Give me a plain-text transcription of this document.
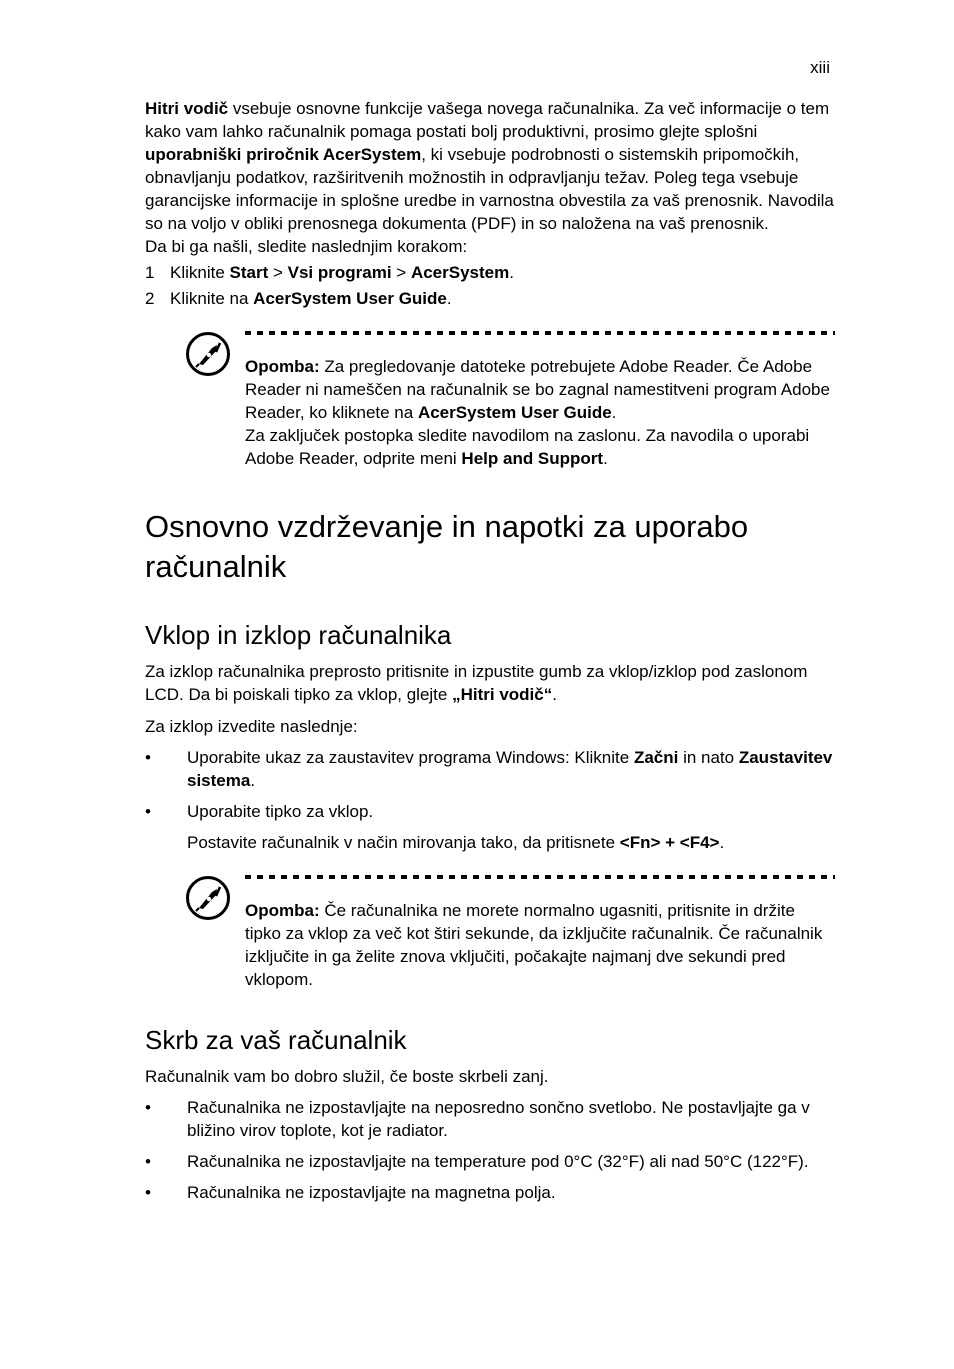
xiii

Hitri vodič vsebuje osnovne funkcije vašega novega računalnika. Za več informacije o tem kako vam lahko računalnik pomaga postati bolj produktivni, prosimo glejte splošni uporabniški priročnik AcerSystem, ki vsebuje podrobnosti o sistemskih pripomočkih, obnavljanju podatkov, razširitvenih možnostih in odpravljanju težav. Poleg tega vsebuje garancijske informacije in splošne uredbe in varnostna obvestila za vaš prenosnik. Navodila so na voljo v obliki prenosnega dokumenta (PDF) in so naložena na vaš prenosnik.

Da bi ga našli, sledite naslednjim korakom:

1 Kliknite Start > Vsi programi > AcerSystem.
2 Kliknite na AcerSystem User Guide.

Opomba: Za pregledovanje datoteke potrebujete Adobe Reader. Če Adobe Reader ni nameščen na računalnik se bo zagnal namestitveni program Adobe Reader, ko kliknete na AcerSystem User Guide.

Za zaključek postopka sledite navodilom na zaslonu. Za navodila o uporabi Adobe Reader, odprite meni Help and Support.

Osnovno vzdrževanje in napotki za uporabo računalnik
Vklop in izklop računalnika

Za izklop računalnika preprosto pritisnite in izpustite gumb za vklop/izklop pod zaslonom LCD. Da bi poiskali tipko za vklop, glejte „Hitri vodič“.

Za izklop izvedite naslednje:

• Uporabite ukaz za zaustavitev programa Windows: Kliknite Začni in nato Zaustavitev sistema.
• Uporabite tipko za vklop.

Postavite računalnik v način mirovanja tako, da pritisnete <Fn> + <F4>.

Opomba: Če računalnika ne morete normalno ugasniti, pritisnite in držite tipko za vklop za več kot štiri sekunde, da izključite računalnik. Če računalnik izključite in ga želite znova vključiti, počakajte najmanj dve sekundi pred vklopom.

Skrb za vaš računalnik

Računalnik vam bo dobro služil, če boste skrbeli zanj.

• Računalnika ne izpostavljajte na neposredno sončno svetlobo. Ne postavljajte ga v bližino virov toplote, kot je radiator.
• Računalnika ne izpostavljajte na temperature pod 0°C (32°F) ali nad 50°C (122°F).
• Računalnika ne izpostavljajte na magnetna polja.
